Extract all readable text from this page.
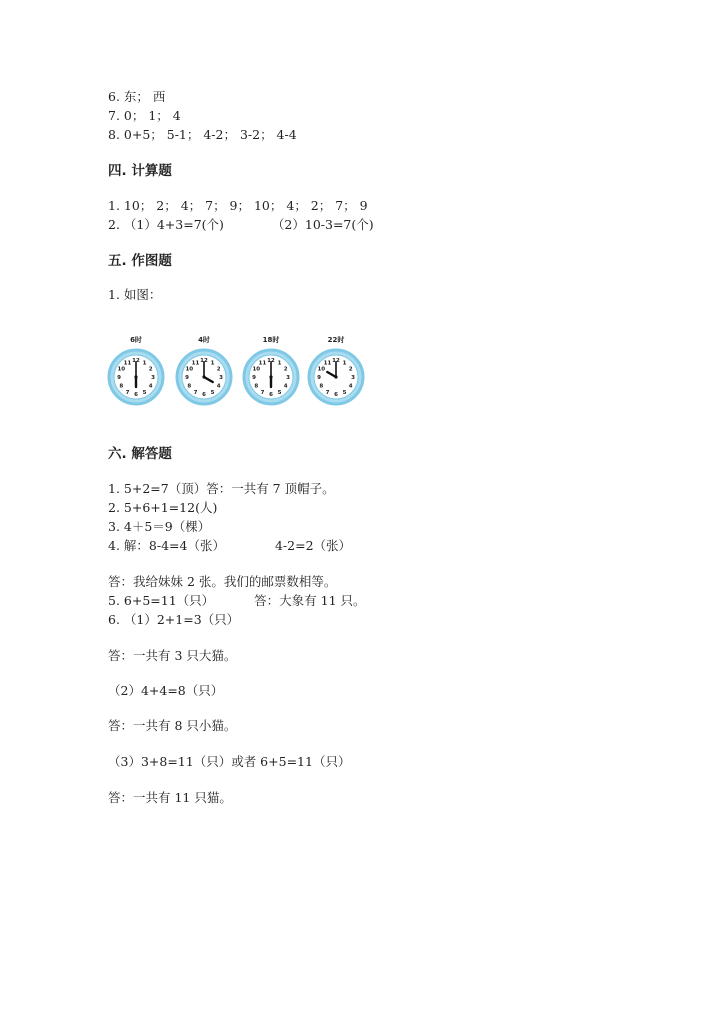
6. 东； 西
7. 0； 1； 4
8. 0+5； 5-1； 4-2； 3-2； 4-4
四. 计算题
1. 10； 2； 4； 7； 9； 10； 4； 2； 7； 9
2. （1）4+3=7(个)	（2）10-3=7(个)
五. 作图题
1. 如图：
6时
1
2
3
4
5
6
7
8
9
10
11 12
4时
1
2
3
4
5
6
7
8
9
10
11 12
18时
1
2
3
4
5
6
7
8
9
10
11 12
22时
1
2
3
4
5
6
7
8
9
10
11 12
六. 解答题
1. 5+2=7（顶）答：一共有 7 顶帽子。
2. 5+6+1=12(人)
3. 4＋5＝9（棵）
4. 解：8-4=4（张）	4-2=2（张）
答：我给妹妹 2 张。我们的邮票数相等。
5. 6+5=11（只）	答：大象有 11 只。
6. （1）2+1=3（只）
答：一共有 3 只大猫。
（2）4+4=8（只）
答：一共有 8 只小猫。
（3）3+8=11（只）或者 6+5=11（只）
答：一共有 11 只猫。
